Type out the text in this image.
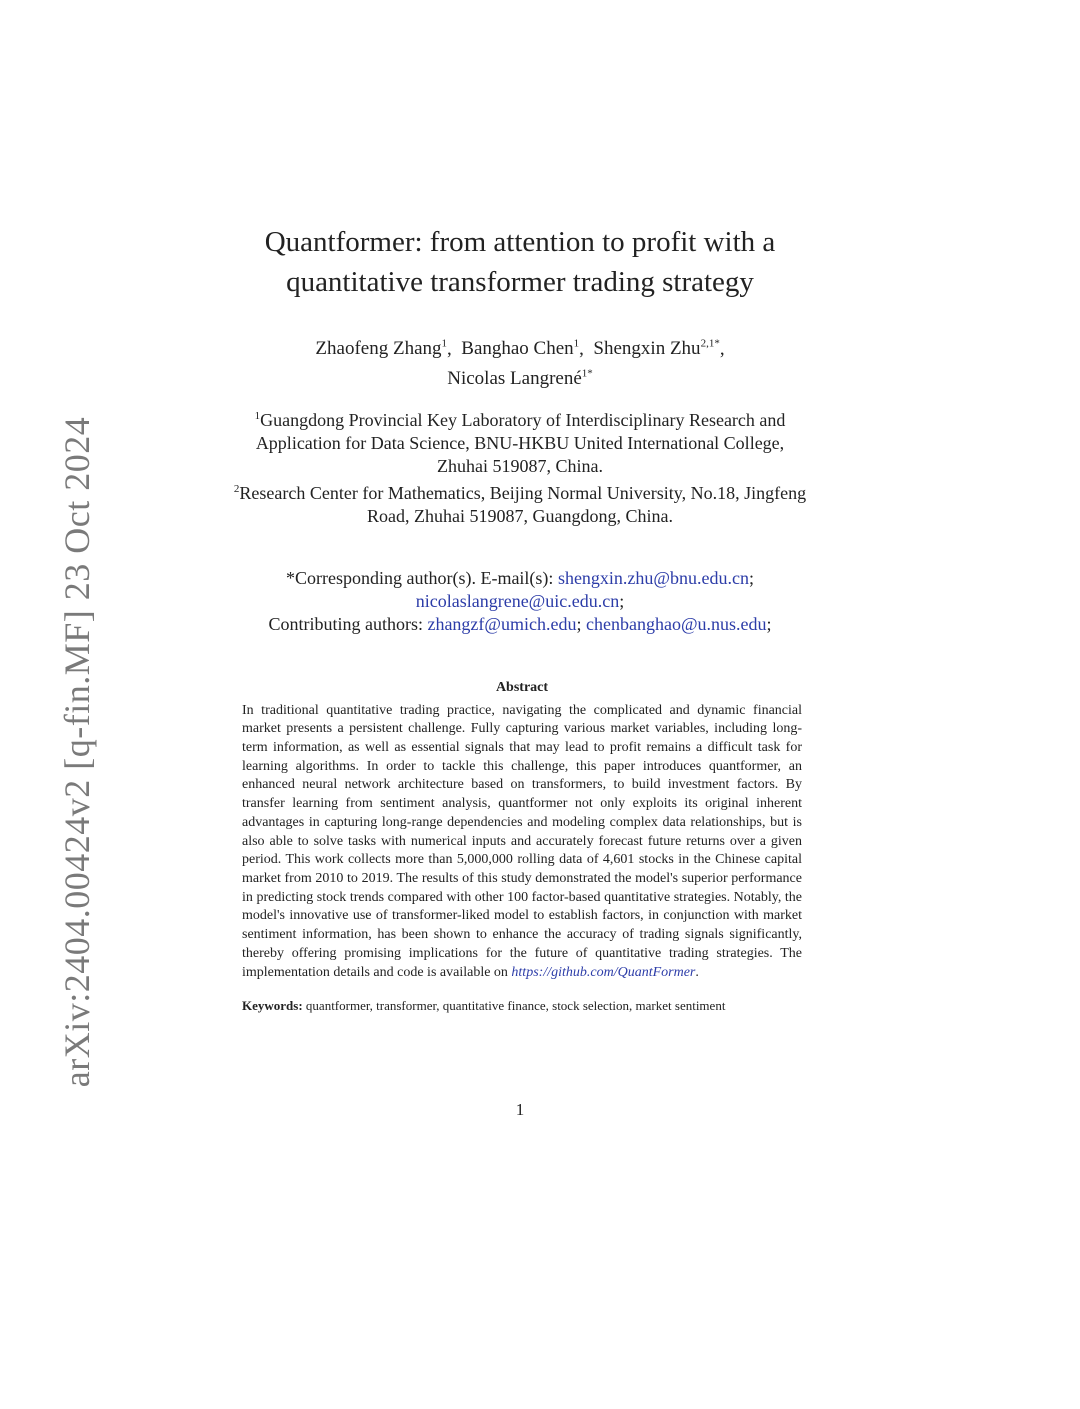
arXiv:2404.00424v2 [q-fin.MF] 23 Oct 2024
Quantformer: from attention to profit with a
quantitative transformer trading strategy
Zhaofeng Zhang$^1$,  Banghao Chen$^1$,  Shengxin Zhu$^{2,1*}$,
Nicolas Langrené$^{1*}$
$^1$Guangdong Provincial Key Laboratory of Interdisciplinary Research and Application for Data Science, BNU-HKBU United International College, Zhuhai 519087, China.
$^2$Research Center for Mathematics, Beijing Normal University, No.18, Jingfeng Road, Zhuhai 519087, Guangdong, China.
*Corresponding author(s). E-mail(s): shengxin.zhu@bnu.edu.cn;
nicolaslangrene@uic.edu.cn;
Contributing authors: zhangzf@umich.edu; chenbanghao@u.nus.edu;
Abstract

In traditional quantitative trading practice, navigating the complicated and dynamic financial market presents a persistent challenge. Fully capturing various market variables, including long-term information, as well as essential signals that may lead to profit remains a difficult task for learning algorithms. In order to tackle this challenge, this paper introduces quantformer, an enhanced neural network architecture based on transformers, to build investment factors. By transfer learning from sentiment analysis, quantformer not only exploits its original inherent advantages in capturing long-range dependencies and modeling complex data relationships, but is also able to solve tasks with numerical inputs and accurately forecast future returns over a given period. This work collects more than 5,000,000 rolling data of 4,601 stocks in the Chinese capital market from 2010 to 2019. The results of this study demonstrated the model's superior performance in predicting stock trends compared with other 100 factor-based quantitative strategies. Notably, the model's innovative use of transformer-liked model to establish factors, in conjunction with market sentiment information, has been shown to enhance the accuracy of trading signals significantly, thereby offering promising implications for the future of quantitative trading strategies. The implementation details and code is available on https://github.com/QuantFormer.

Keywords: quantformer, transformer, quantitative finance, stock selection, market sentiment
1
